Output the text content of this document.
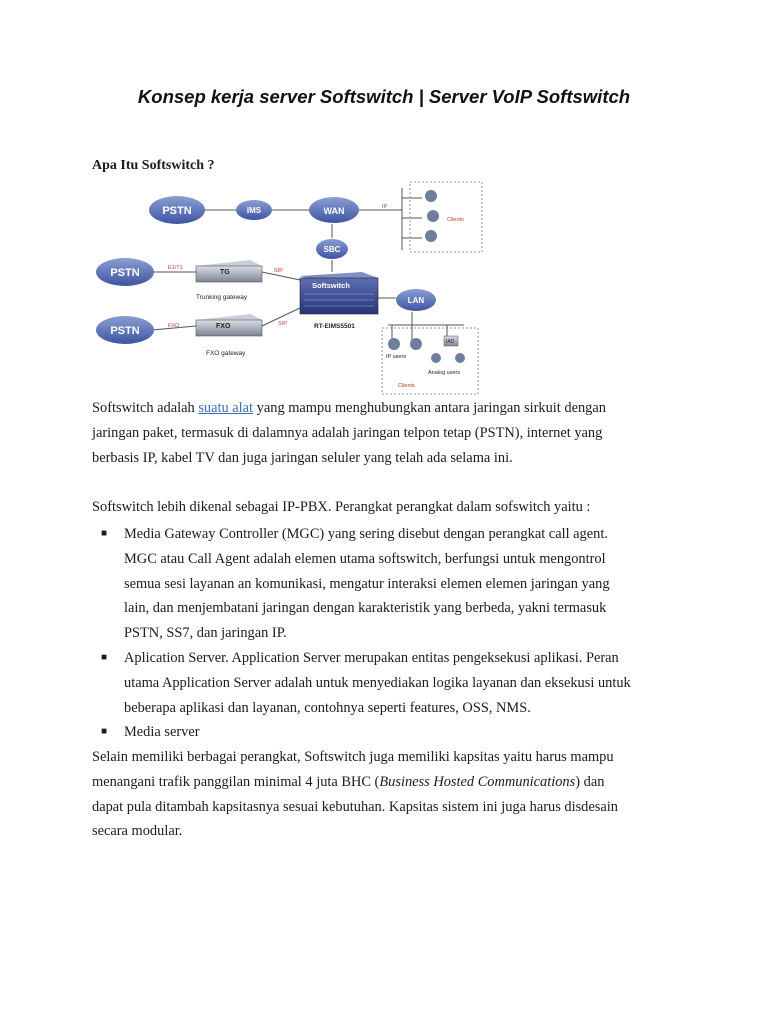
Konsep kerja server Softswitch | Server VoIP Softswitch
Apa Itu Softswitch ?
PSTN
PSTN
PSTN
IMS	WAN
SBC
LAN
TG
Trunking gateway
FXO
FXO gateway
Softswitch
RT-EIMS5501
E1/T1
FXO
SIP
SIP
IP
Clients
IAD
IP users
Analog users
Clients
Softswitch adalah suatu alat yang mampu menghubungkan antara jaringan sirkuit dengan
jaringan paket, termasuk di dalamnya adalah jaringan telpon tetap (PSTN), internet yang
berbasis IP, kabel TV dan juga jaringan seluler yang telah ada selama ini.
Softswitch lebih dikenal sebagai IP-PBX. Perangkat perangkat dalam sofswitch yaitu :
■ Media Gateway Controller (MGC) yang sering disebut dengan perangkat call agent.
MGC atau Call Agent adalah elemen utama softswitch, berfungsi untuk mengontrol
semua sesi layanan an komunikasi, mengatur interaksi elemen elemen jaringan yang
lain, dan menjembatani jaringan dengan karakteristik yang berbeda, yakni termasuk
PSTN, SS7, dan jaringan IP.
■ Aplication Server. Application Server merupakan entitas pengeksekusi aplikasi. Peran
utama Application Server adalah untuk menyediakan logika layanan dan eksekusi untuk
beberapa aplikasi dan layanan, contohnya seperti features, OSS, NMS.
■ Media server
Selain memiliki berbagai perangkat, Softswitch juga memiliki kapsitas yaitu harus mampu
menangani trafik panggilan minimal 4 juta BHC (Business Hosted Communications) dan
dapat pula ditambah kapsitasnya sesuai kebutuhan. Kapsitas sistem ini juga harus disdesain
secara modular.
